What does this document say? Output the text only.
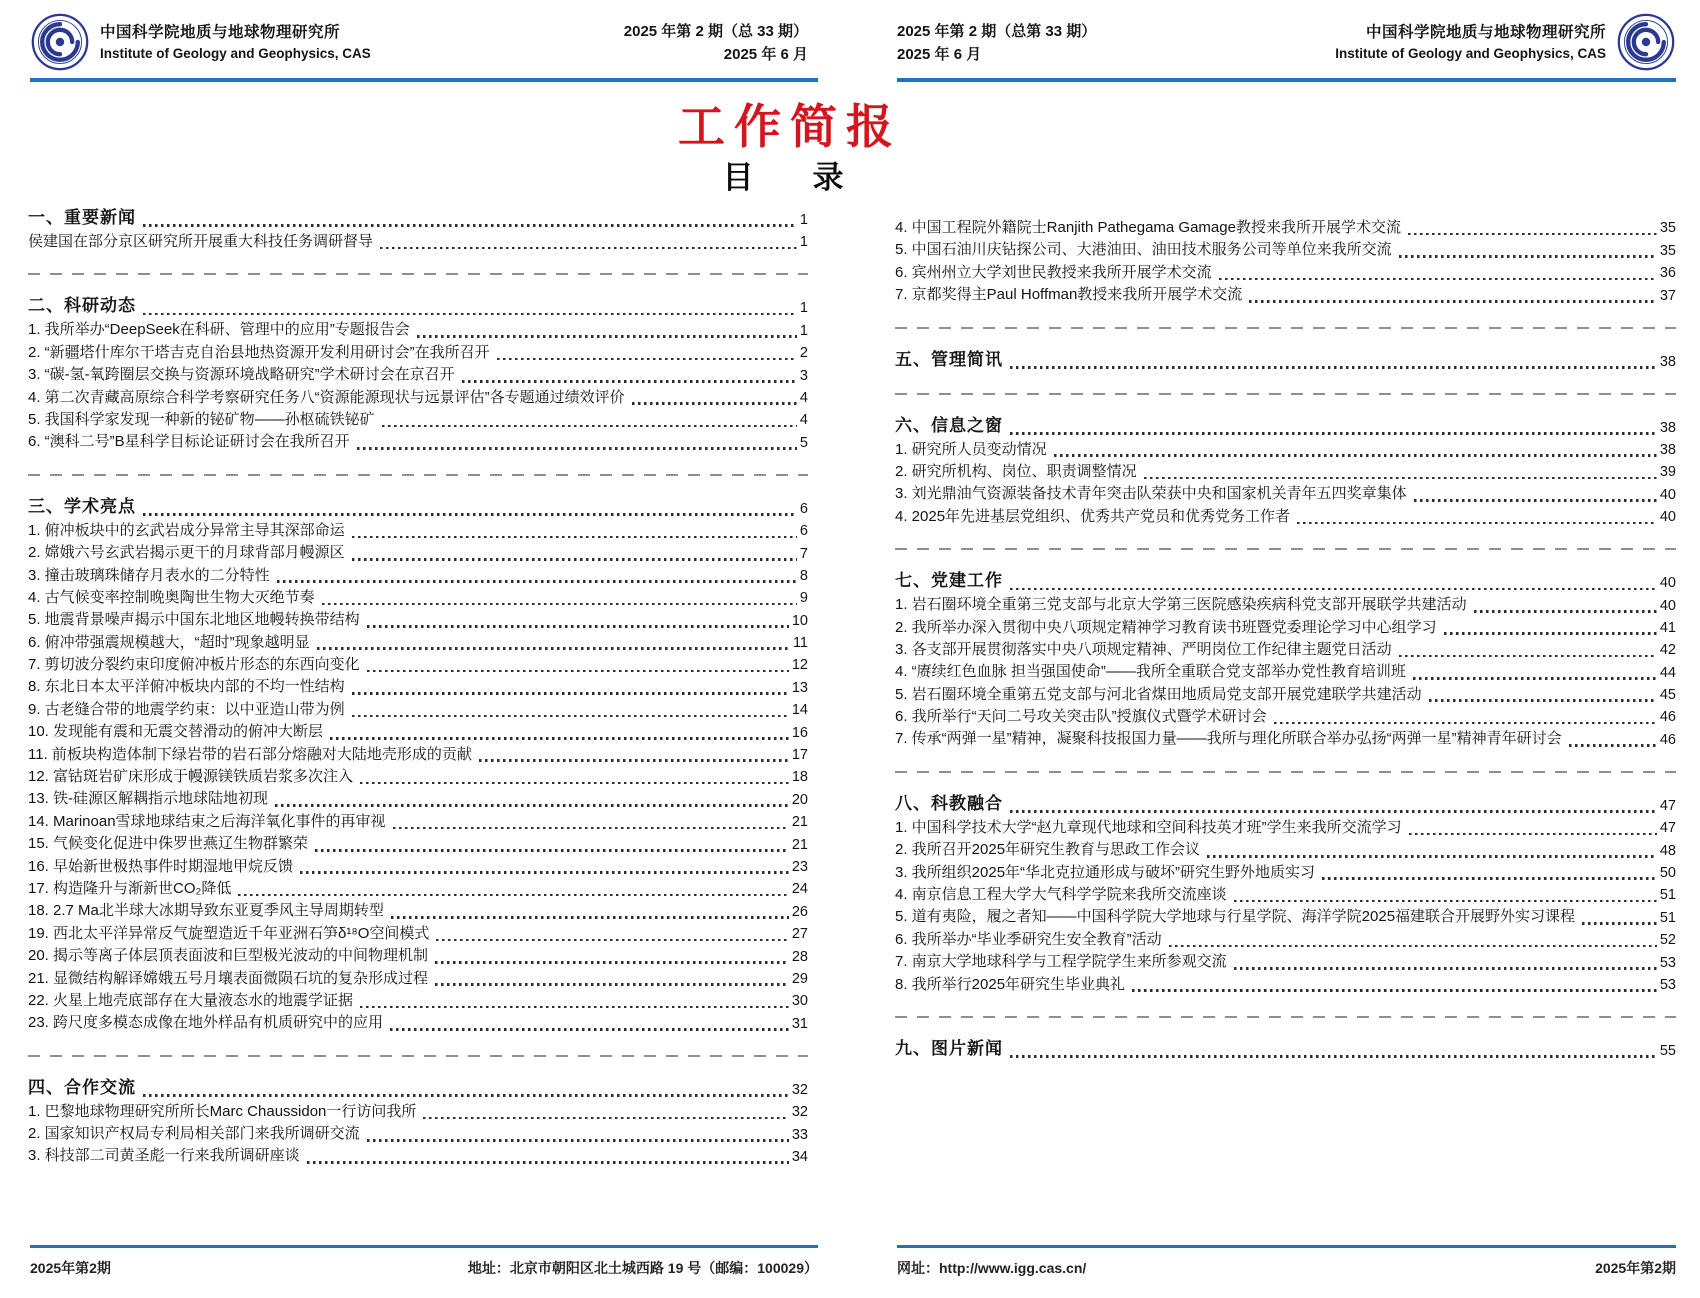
中国科学院地质与地球物理研究所
Institute of Geology and Geophysics, CAS
2025 年第 2 期（总 33 期）
2025 年 6 月
2025 年第 2 期（总第 33 期）
2025 年 6 月
中国科学院地质与地球物理研究所
Institute of Geology and Geophysics, CAS
工作简报
目　录
一、重要新闻	1
侯建国在部分京区研究所开展重大科技任务调研督导	1
二、科研动态	1
1. 我所举办“DeepSeek在科研、管理中的应用”专题报告会	1
2. “新疆塔什库尔干塔吉克自治县地热资源开发利用研讨会”在我所召开	2
3. “碳-氢-氧跨圈层交换与资源环境战略研究”学术研讨会在京召开	3
4. 第二次青藏高原综合科学考察研究任务八“资源能源现状与远景评估”各专题通过绩效评价	4
5. 我国科学家发现一种新的铋矿物——孙枢硫铁铋矿	4
6. “澳科二号”B星科学目标论证研讨会在我所召开	5
三、学术亮点	6
1. 俯冲板块中的玄武岩成分异常主导其深部命运	6
2. 嫦娥六号玄武岩揭示更干的月球背部月幔源区	7
3. 撞击玻璃珠储存月表水的二分特性	8
4. 古气候变率控制晚奥陶世生物大灭绝节奏	9
5. 地震背景噪声揭示中国东北地区地幔转换带结构	10
6. 俯冲带强震规模越大，“超时”现象越明显	11
7. 剪切波分裂约束印度俯冲板片形态的东西向变化	12
8. 东北日本太平洋俯冲板块内部的不均一性结构	13
9. 古老缝合带的地震学约束：以中亚造山带为例	14
10. 发现能有震和无震交替滑动的俯冲大断层	16
11. 前板块构造体制下绿岩带的岩石部分熔融对大陆地壳形成的贡献	17
12. 富钴斑岩矿床形成于幔源镁铁质岩浆多次注入	18
13. 铁-硅源区解耦指示地球陆地初现	20
14. Marinoan雪球地球结束之后海洋氧化事件的再审视	21
15. 气候变化促进中侏罗世燕辽生物群繁荣	21
16. 早始新世极热事件时期湿地甲烷反馈	23
17. 构造隆升与渐新世CO₂降低	24
18. 2.7 Ma北半球大冰期导致东亚夏季风主导周期转型	26
19. 西北太平洋异常反气旋塑造近千年亚洲石笋δ¹⁸O空间模式	27
20. 揭示等离子体层顶表面波和巨型极光波动的中间物理机制	28
21. 显微结构解译嫦娥五号月壤表面微陨石坑的复杂形成过程	29
22. 火星上地壳底部存在大量液态水的地震学证据	30
23. 跨尺度多模态成像在地外样品有机质研究中的应用	31
四、合作交流	32
1. 巴黎地球物理研究所所长Marc Chaussidon一行访问我所	32
2. 国家知识产权局专利局相关部门来我所调研交流	33
3. 科技部二司黄圣彪一行来我所调研座谈	34
4. 中国工程院外籍院士Ranjith Pathegama Gamage教授来我所开展学术交流	35
5. 中国石油川庆钻探公司、大港油田、油田技术服务公司等单位来我所交流	35
6. 宾州州立大学刘世民教授来我所开展学术交流	36
7. 京都奖得主Paul Hoffman教授来我所开展学术交流	37
五、管理简讯	38
六、信息之窗	38
1. 研究所人员变动情况	38
2. 研究所机构、岗位、职责调整情况	39
3. 刘光鼎油气资源装备技术青年突击队荣获中央和国家机关青年五四奖章集体	40
4. 2025年先进基层党组织、优秀共产党员和优秀党务工作者	40
七、党建工作	40
1. 岩石圈环境全重第三党支部与北京大学第三医院感染疾病科党支部开展联学共建活动	40
2. 我所举办深入贯彻中央八项规定精神学习教育读书班暨党委理论学习中心组学习	41
3. 各支部开展贯彻落实中央八项规定精神、严明岗位工作纪律主题党日活动	42
4. “赓续红色血脉 担当强国使命”——我所全重联合党支部举办党性教育培训班	44
5. 岩石圈环境全重第五党支部与河北省煤田地质局党支部开展党建联学共建活动	45
6. 我所举行“天问二号攻关突击队”授旗仪式暨学术研讨会	46
7. 传承“两弹一星”精神，凝聚科技报国力量——我所与理化所联合举办弘扬“两弹一星”精神青年研讨会	46
八、科教融合	47
1. 中国科学技术大学“赵九章现代地球和空间科技英才班”学生来我所交流学习	47
2. 我所召开2025年研究生教育与思政工作会议	48
3. 我所组织2025年“华北克拉通形成与破坏”研究生野外地质实习	50
4. 南京信息工程大学大气科学学院来我所交流座谈	51
5. 道有夷险，履之者知——中国科学院大学地球与行星学院、海洋学院2025福建联合开展野外实习课程	51
6. 我所举办“毕业季研究生安全教育”活动	52
7. 南京大学地球科学与工程学院学生来所参观交流	53
8. 我所举行2025年研究生毕业典礼	53
九、图片新闻	55
2025年第2期	地址：北京市朝阳区北土城西路 19 号（邮编：100029）	网址：http://www.igg.cas.cn/	2025年第2期
